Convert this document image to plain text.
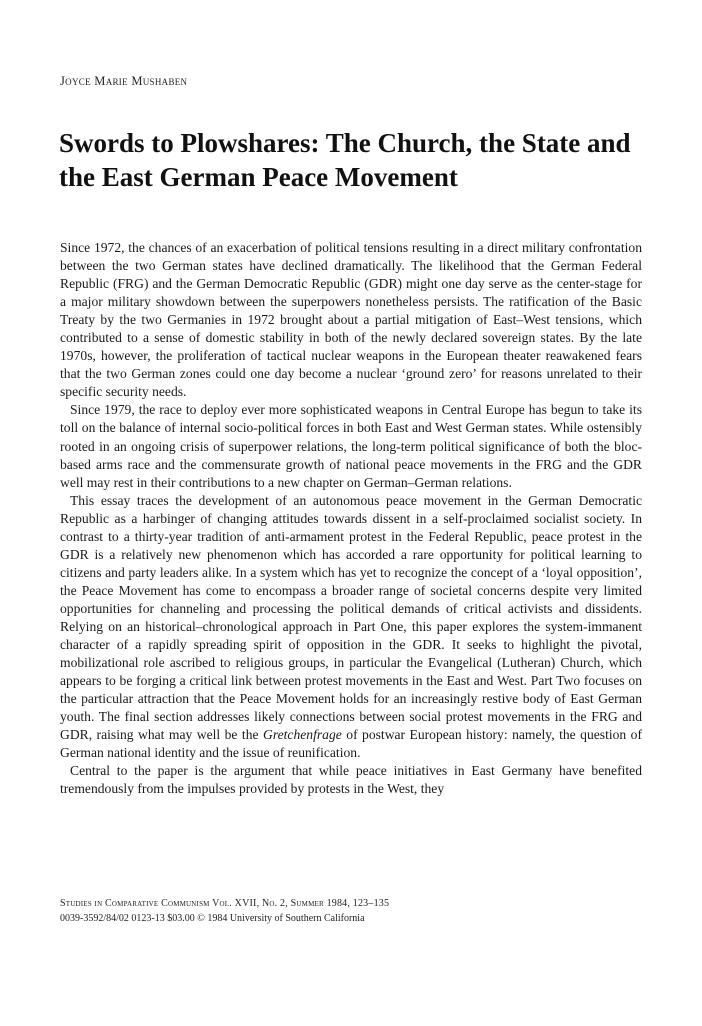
Joyce Marie Mushaben
Swords to Plowshares: The Church, the State and the East German Peace Movement

Since 1972, the chances of an exacerbation of political tensions resulting in a direct military confrontation between the two German states have declined dramatically. The likelihood that the German Federal Republic (FRG) and the German Democratic Republic (GDR) might one day serve as the center-stage for a major military showdown between the superpowers nonetheless persists. The ratification of the Basic Treaty by the two Germanies in 1972 brought about a partial mitigation of East–West tensions, which contributed to a sense of domestic stability in both of the newly declared sovereign states. By the late 1970s, however, the proliferation of tactical nuclear weapons in the European theater reawakened fears that the two German zones could one day become a nuclear ‘ground zero’ for reasons unrelated to their specific security needs.

Since 1979, the race to deploy ever more sophisticated weapons in Central Europe has begun to take its toll on the balance of internal socio-political forces in both East and West German states. While ostensibly rooted in an ongoing crisis of superpower relations, the long-term political significance of both the bloc-based arms race and the commensurate growth of national peace movements in the FRG and the GDR well may rest in their contributions to a new chapter on German–German relations.

This essay traces the development of an autonomous peace movement in the German Democratic Republic as a harbinger of changing attitudes towards dissent in a self-proclaimed socialist society. In contrast to a thirty-year tradition of anti-armament protest in the Federal Republic, peace protest in the GDR is a relatively new phenomenon which has accorded a rare opportunity for political learning to citizens and party leaders alike. In a system which has yet to recognize the concept of a ‘loyal opposition’, the Peace Movement has come to encompass a broader range of societal concerns despite very limited opportunities for channeling and processing the political demands of critical activists and dissidents. Relying on an historical–chronological approach in Part One, this paper explores the system-immanent character of a rapidly spreading spirit of opposition in the GDR. It seeks to highlight the pivotal, mobilizational role ascribed to religious groups, in particular the Evangelical (Lutheran) Church, which appears to be forging a critical link between protest movements in the East and West. Part Two focuses on the particular attraction that the Peace Movement holds for an increasingly restive body of East German youth. The final section addresses likely connections between social protest movements in the FRG and GDR, raising what may well be the Gretchenfrage of postwar European history: namely, the question of German national identity and the issue of reunification.

Central to the paper is the argument that while peace initiatives in East Germany have benefited tremendously from the impulses provided by protests in the West, they

Studies in Comparative Communism Vol. XVII, No. 2, Summer 1984, 123–135
0039-3592/84/02 0123-13 $03.00 © 1984 University of Southern California
